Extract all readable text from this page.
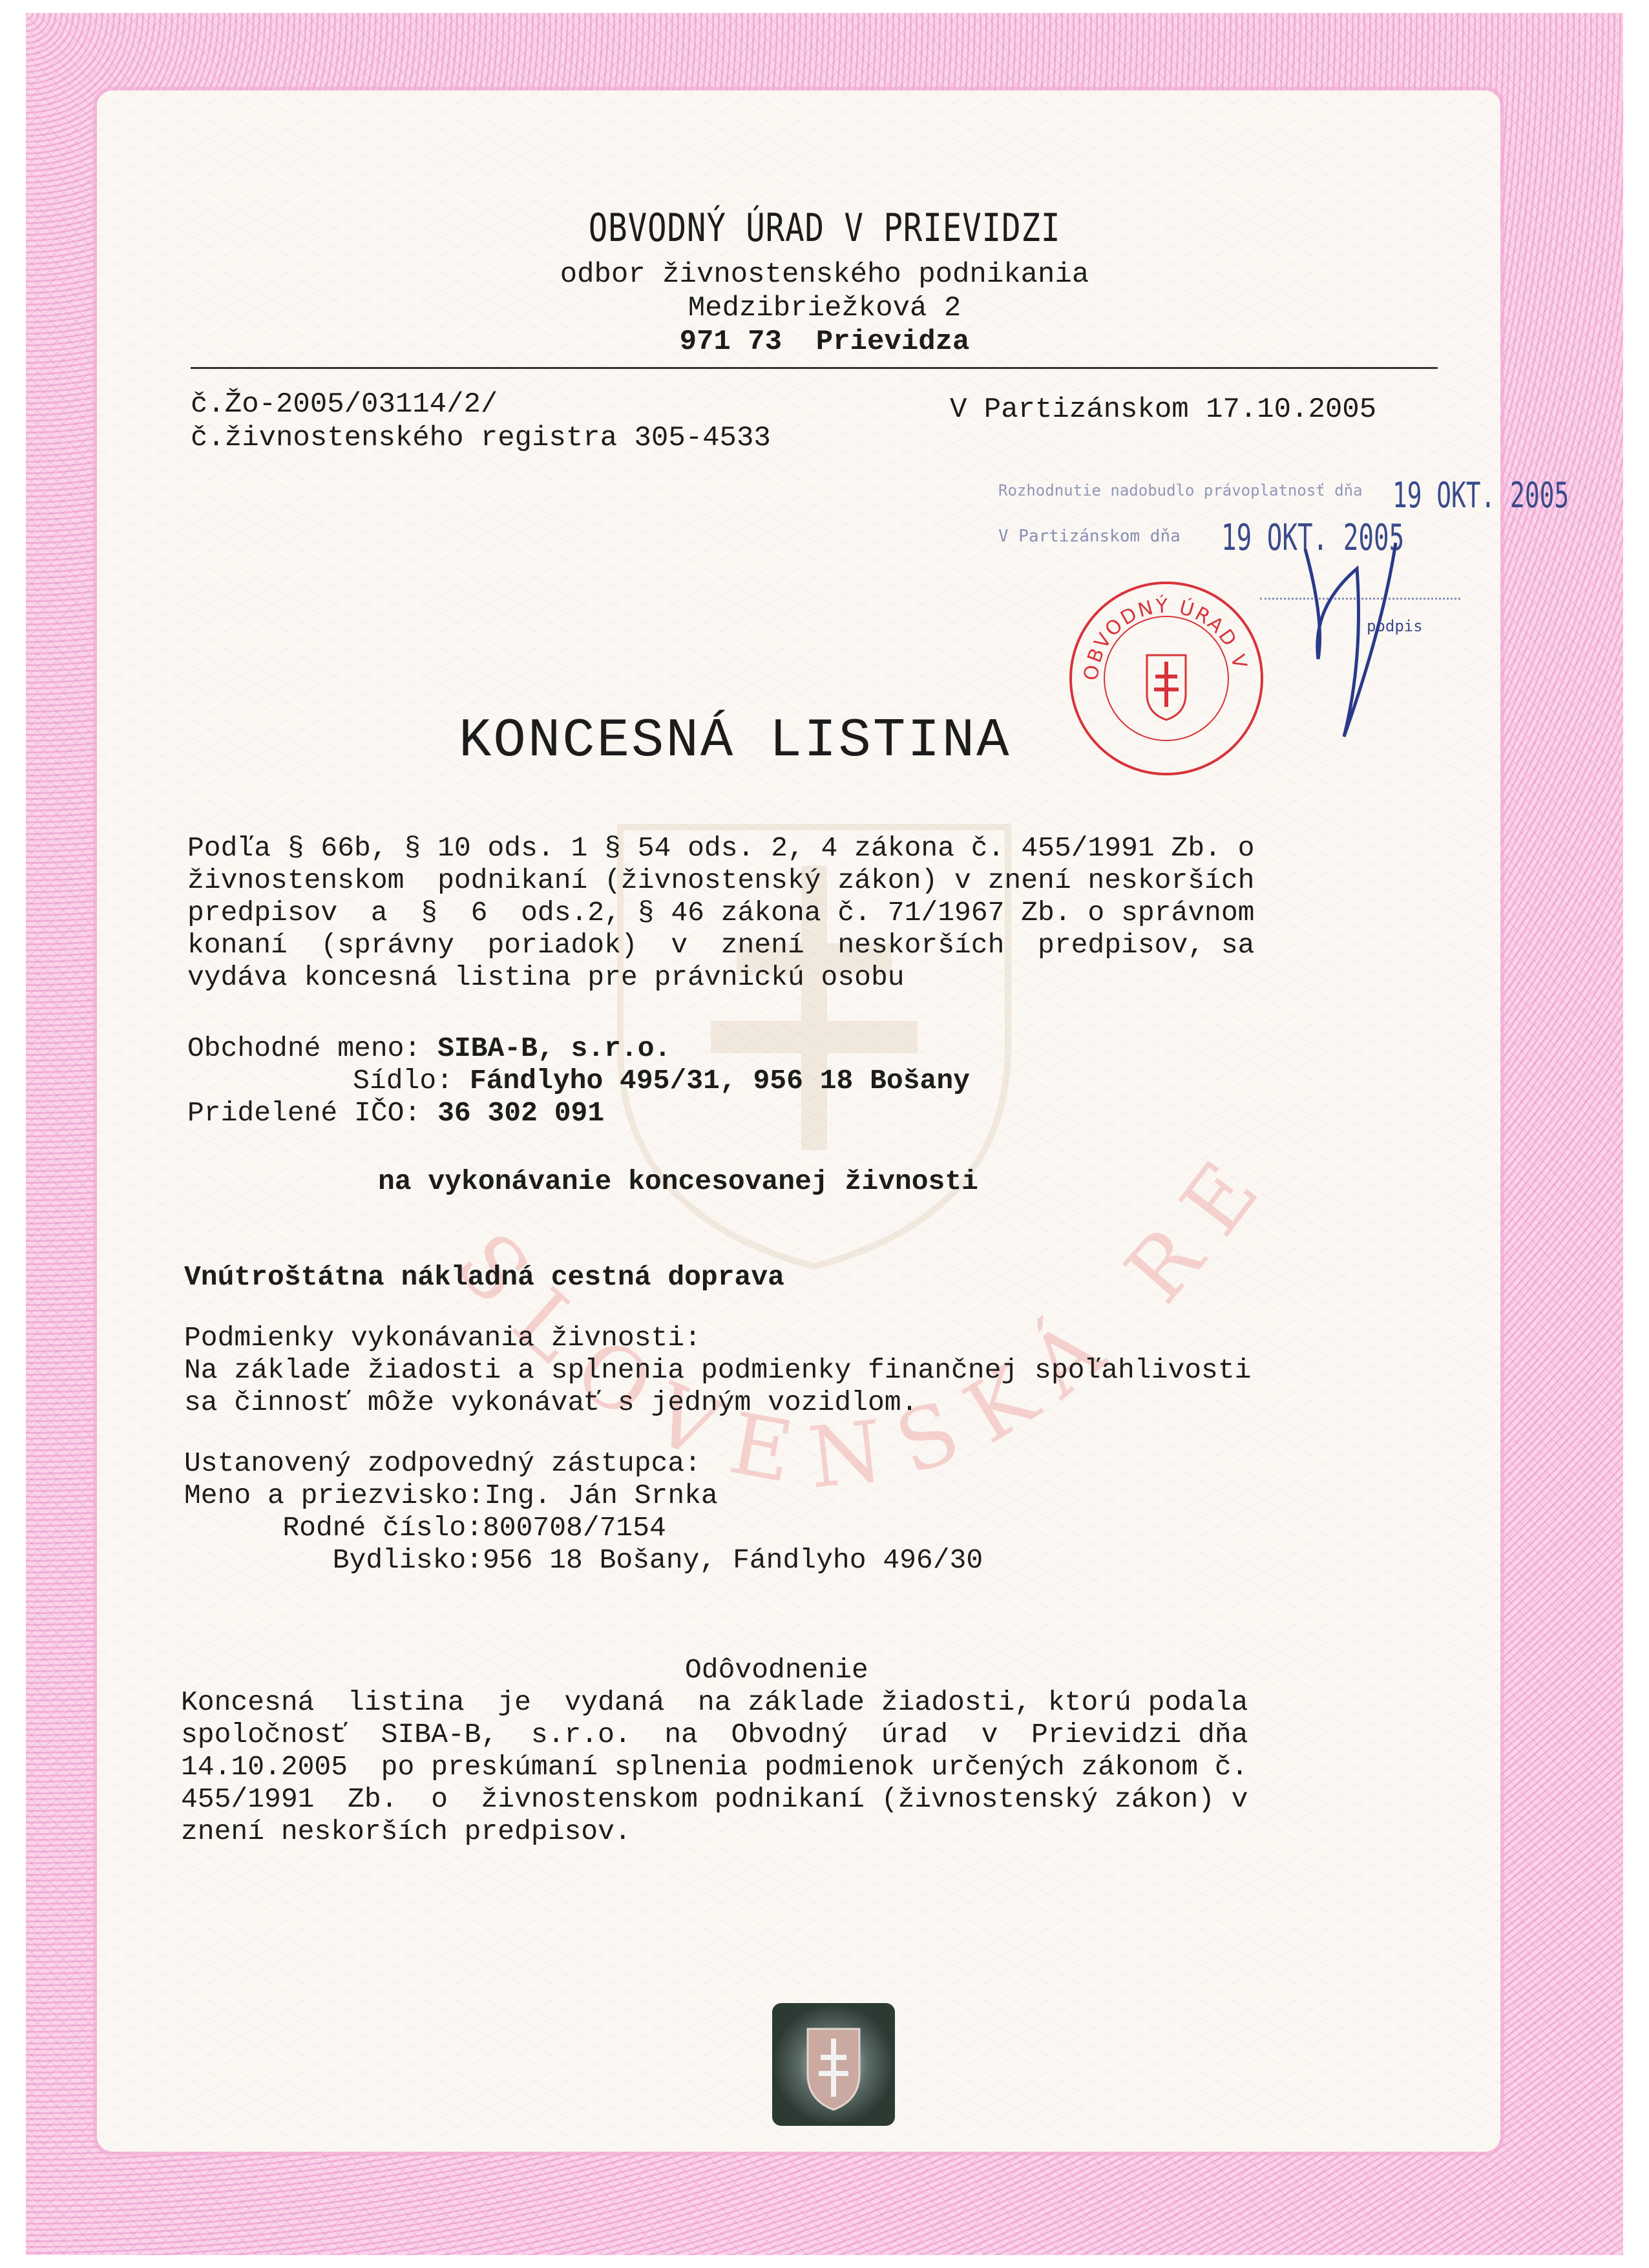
SLOVENSKÁ RE
OBVODNÝ ÚRAD V PRIEVIDZI
odbor živnostenského podnikania
Medzibriežková 2
971 73  Prievidza
č.Žo-2005/03114/2/
č.živnostenského registra 305-4533
V Partizánskom 17.10.2005
Rozhodnutie nadobudlo právoplatnosť dňa 19 OKT. 2005
V Partizánskom dňa 19 OKT. 2005
podpis
OBVODNÝ ÚRAD V
KONCESNÁ LISTINA
Podľa § 66b, § 10 ods. 1 § 54 ods. 2, 4 zákona č. 455/1991 Zb. o
živnostenskom  podnikaní (živnostenský zákon) v znení neskorších
predpisov  a  §  6  ods.2, § 46 zákona č. 71/1967 Zb. o správnom
konaní  (správny  poriadok)  v  znení  neskorších  predpisov, sa
vydáva koncesná listina pre právnickú osobu
Obchodné meno: SIBA-B, s.r.o.
Sídlo: Fándlyho 495/31, 956 18 Bošany
Pridelené IČO: 36 302 091
na vykonávanie koncesovanej živnosti
Vnútroštátna nákladná cestná doprava
Podmienky vykonávania živnosti:
Na základe žiadosti a splnenia podmienky finančnej spoľahlivosti
sa činnosť môže vykonávať s jedným vozidlom.
Ustanovený zodpovedný zástupca:
Meno a priezvisko:Ing. Ján Srnka
Rodné číslo:800708/7154
Bydlisko:956 18 Bošany, Fándlyho 496/30
Odôvodnenie
Koncesná  listina  je  vydaná  na základe žiadosti, ktorú podala
spoločnosť  SIBA-B,  s.r.o.  na  Obvodný  úrad  v  Prievidzi dňa
14.10.2005  po preskúmaní splnenia podmienok určených zákonom č.
455/1991  Zb.  o  živnostenskom podnikaní (živnostenský zákon) v
znení neskorších predpisov.
